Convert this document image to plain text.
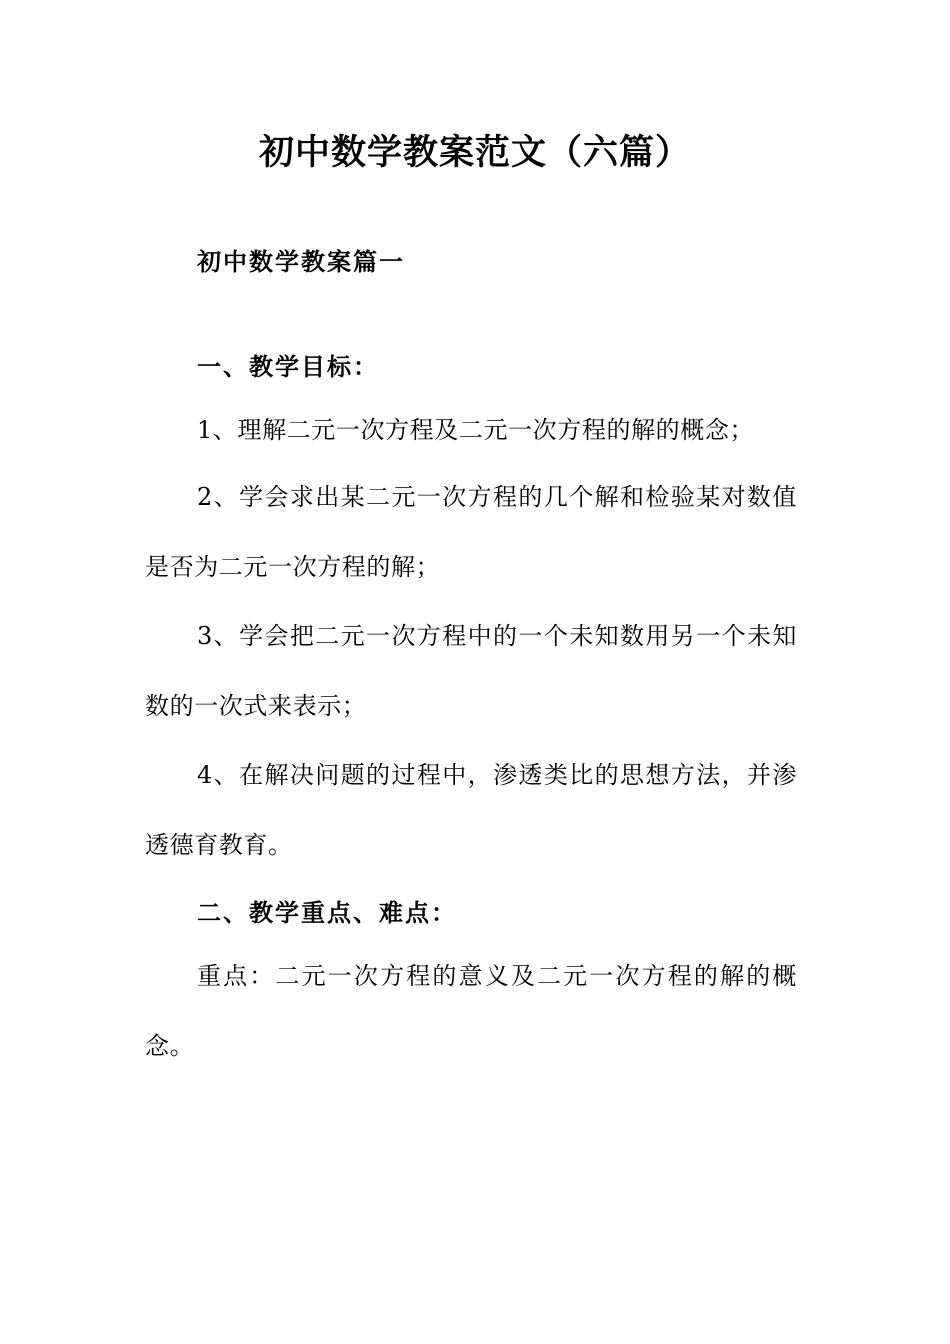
初中数学教案范文（六篇）
初中数学教案篇一
一、教学目标：
1、理解二元一次方程及二元一次方程的解的概念；
2、学会求出某二元一次方程的几个解和检验某对数值是否为二元一次方程的解；
3、学会把二元一次方程中的一个未知数用另一个未知数的一次式来表示；
4、在解决问题的过程中，渗透类比的思想方法，并渗透德育教育。
二、教学重点、难点：
重点：二元一次方程的意义及二元一次方程的解的概念。
